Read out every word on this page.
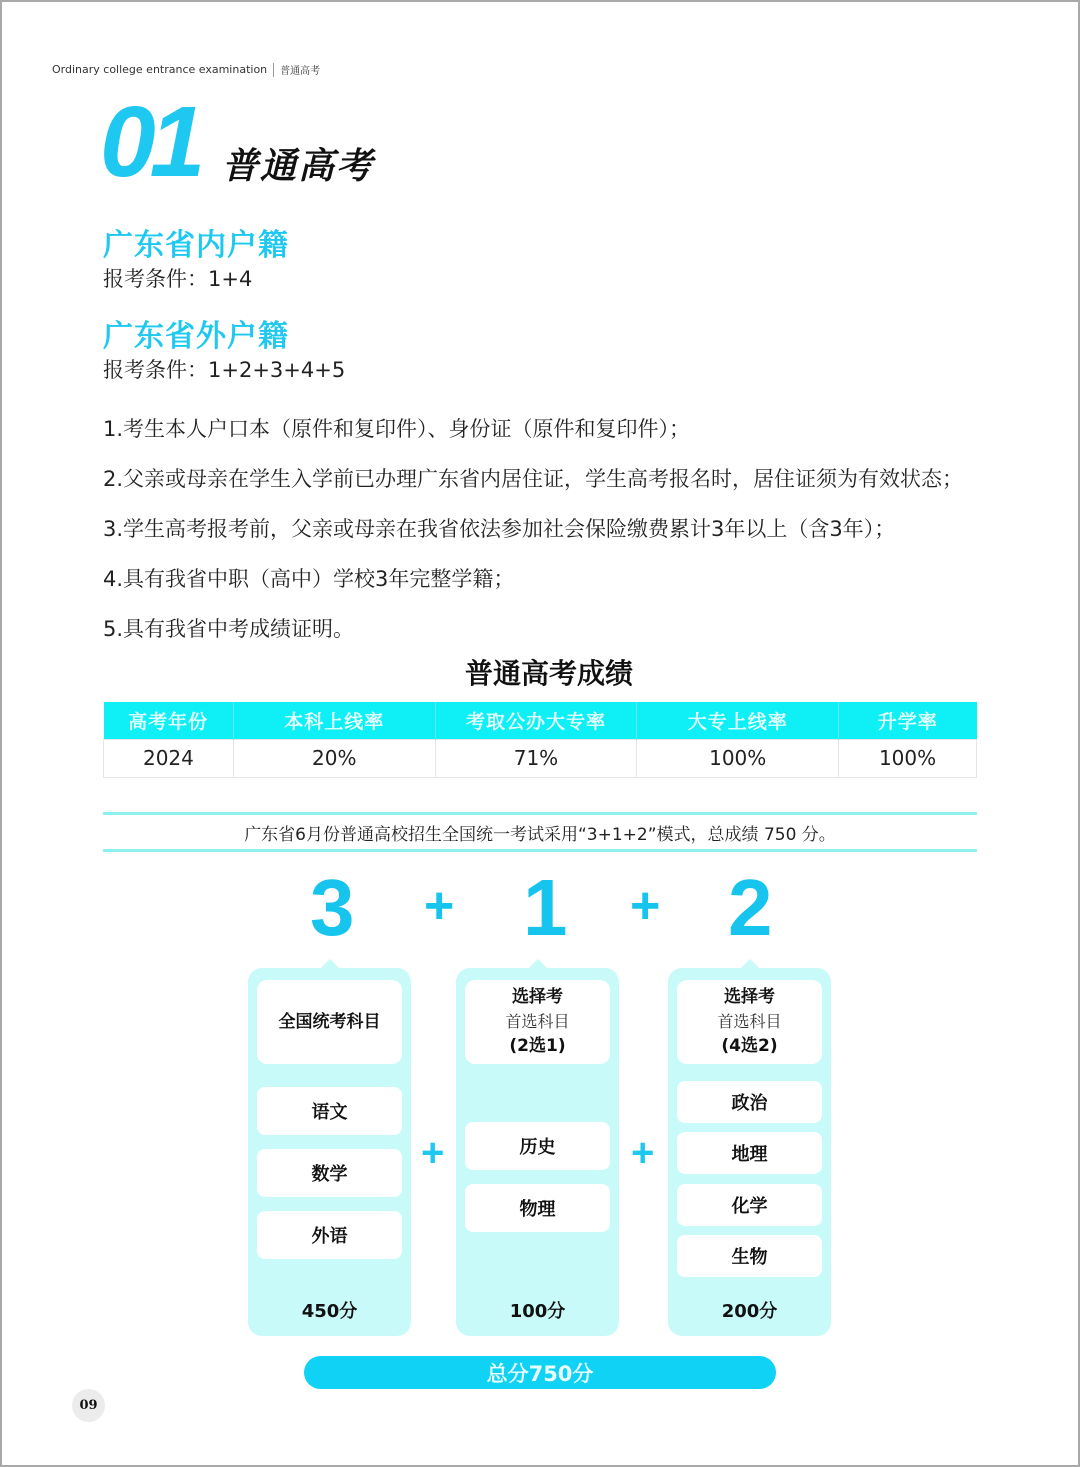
Ordinary college entrance examination 普通高考
01 普通高考
广东省内户籍
报考条件：1+4
广东省外户籍
报考条件：1+2+3+4+5
1.考生本人户口本（原件和复印件）、身份证（原件和复印件）；
2.父亲或母亲在学生入学前已办理广东省内居住证，学生高考报名时，居住证须为有效状态；
3.学生高考报考前，父亲或母亲在我省依法参加社会保险缴费累计3年以上（含3年）；
4.具有我省中职（高中）学校3年完整学籍；
5.具有我省中考成绩证明。
普通高考成绩
高考年份	本科上线率	考取公办大专率	大专上线率	升学率
2024	20%	71%	100%	100%
广东省6月份普通高校招生全国统一考试采用“3+1+2”模式，总成绩 750 分。
3 + 1 + 2
全国统考科目
语文
数学
外语
450分
+
选择考
首选科目
(2选1)
历史
物理
100分
+
选择考
首选科目
(4选2)
政治
地理
化学
生物
200分
总分750分
09
